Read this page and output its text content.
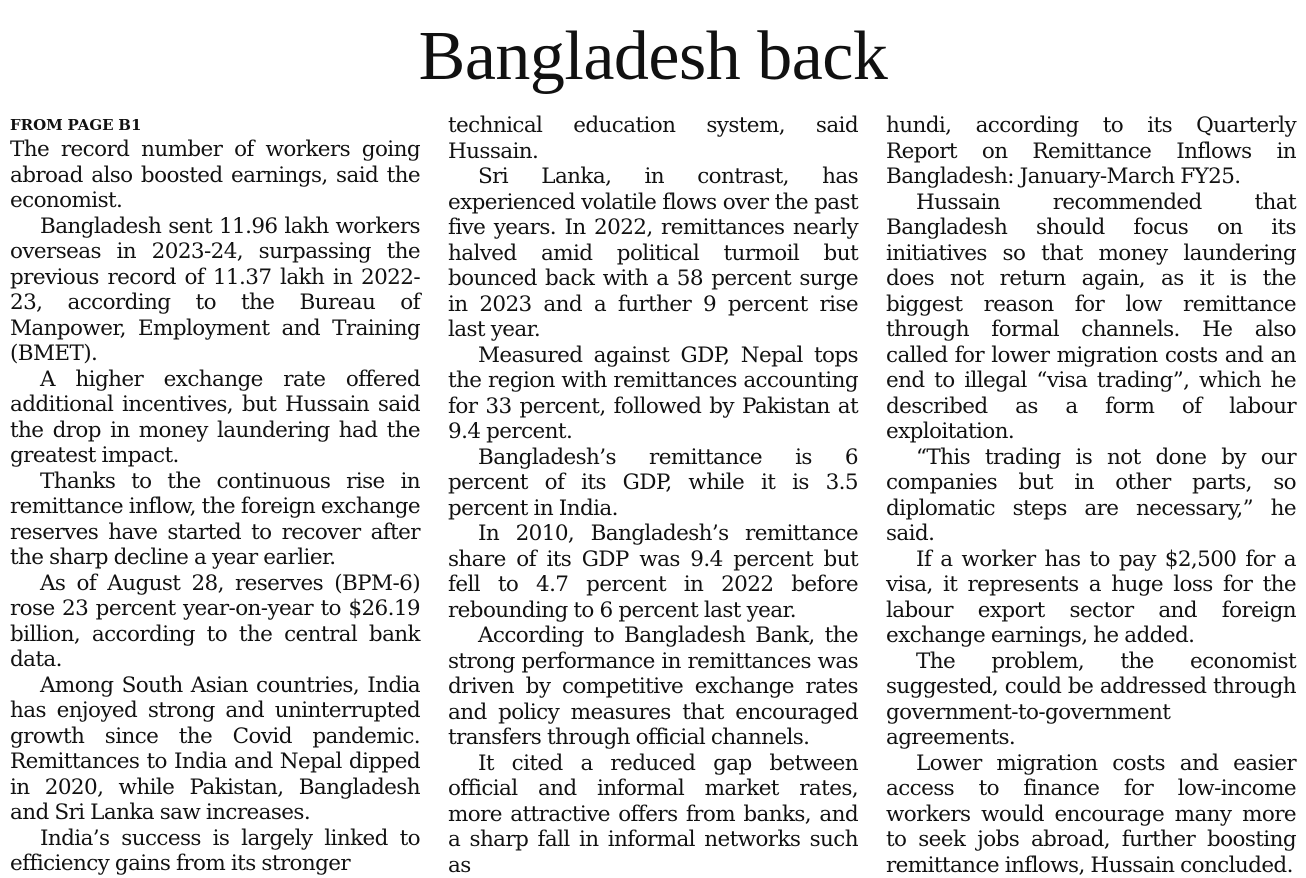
Bangladesh back
FROM PAGE B1

The record number of workers going abroad also boosted earnings, said the economist.

Bangladesh sent 11.96 lakh workers overseas in 2023-24, surpassing the previous record of 11.37 lakh in 2022-23, according to the Bureau of Manpower, Employment and Training (BMET).

A higher exchange rate offered additional incentives, but Hussain said the drop in money laundering had the greatest impact.

Thanks to the continuous rise in remittance inflow, the foreign exchange reserves have started to recover after the sharp decline a year earlier.

As of August 28, reserves (BPM-6) rose 23 percent year-on-year to $26.19 billion, according to the central bank data.

Among South Asian countries, India has enjoyed strong and uninterrupted growth since the Covid pandemic. Remittances to India and Nepal dipped in 2020, while Pakistan, Bangladesh and Sri Lanka saw increases.

India’s success is largely linked to efficiency gains from its stronger

technical education system, said Hussain.

Sri Lanka, in contrast, has experienced volatile flows over the past five years. In 2022, remittances nearly halved amid political turmoil but bounced back with a 58 percent surge in 2023 and a further 9 percent rise last year.

Measured against GDP, Nepal tops the region with remittances accounting for 33 percent, followed by Pakistan at 9.4 percent.

Bangladesh’s remittance is 6 percent of its GDP, while it is 3.5 percent in India.

In 2010, Bangladesh’s remittance share of its GDP was 9.4 percent but fell to 4.7 percent in 2022 before rebounding to 6 percent last year.

According to Bangladesh Bank, the strong performance in remittances was driven by competitive exchange rates and policy measures that encouraged transfers through official channels.

It cited a reduced gap between official and informal market rates, more attractive offers from banks, and a sharp fall in informal networks such as

hundi, according to its Quarterly Report on Remittance Inflows in Bangladesh: January-March FY25.

Hussain recommended that Bangladesh should focus on its initiatives so that money laundering does not return again, as it is the biggest reason for low remittance through formal channels. He also called for lower migration costs and an end to illegal “visa trading”, which he described as a form of labour exploitation.

“This trading is not done by our companies but in other parts, so diplomatic steps are necessary,” he said.

If a worker has to pay $2,500 for a visa, it represents a huge loss for the labour export sector and foreign exchange earnings, he added.

The problem, the economist suggested, could be addressed through government-to-government agreements.

Lower migration costs and easier access to finance for low-income workers would encourage many more to seek jobs abroad, further boosting remittance inflows, Hussain concluded.
